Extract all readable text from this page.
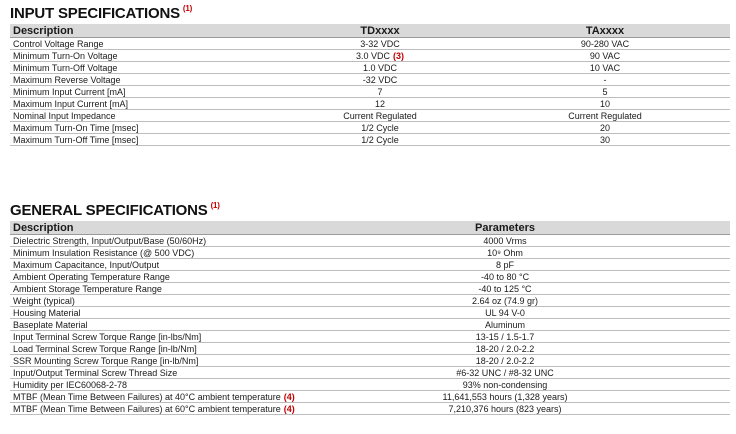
INPUT SPECIFICATIONS $^{(1)}$
Description	TDxxxx	TAxxxx
Control Voltage Range	3-32 VDC	90-280 VAC
Minimum Turn-On Voltage	3.0 VDC (3)	90 VAC
Minimum Turn-Off Voltage	1.0 VDC	10 VAC
Maximum Reverse Voltage	-32 VDC	-
Minimum Input Current [mA]	7	5
Maximum Input Current [mA]	12	10
Nominal Input Impedance	Current Regulated	Current Regulated
Maximum Turn-On Time [msec]	1/2 Cycle	20
Maximum Turn-Off Time [msec]	1/2 Cycle	30
GENERAL SPECIFICATIONS $^{(1)}$
Description	Parameters
Dielectric Strength, Input/Output/Base (50/60Hz)	4000 Vrms
Minimum Insulation Resistance (@ 500 VDC)	10⁹ Ohm
Maximum Capacitance, Input/Output	8 pF
Ambient Operating Temperature Range	-40 to 80 °C
Ambient Storage Temperature Range	-40 to 125 °C
Weight (typical)	2.64 oz (74.9 gr)
Housing Material	UL 94 V-0
Baseplate Material	Aluminum
Input Terminal Screw Torque Range [in-lbs/Nm]	13-15 / 1.5-1.7
Load Terminal Screw Torque Range [in-lb/Nm]	18-20 / 2.0-2.2
SSR Mounting Screw Torque Range [in-lb/Nm]	18-20 / 2.0-2.2
Input/Output Terminal Screw Thread Size	#6-32 UNC / #8-32 UNC
Humidity per IEC60068-2-78	93% non-condensing
MTBF (Mean Time Between Failures) at 40°C ambient temperature (4)	11,641,553 hours (1,328 years)
MTBF (Mean Time Between Failures) at 60°C ambient temperature (4)	7,210,376 hours (823 years)
